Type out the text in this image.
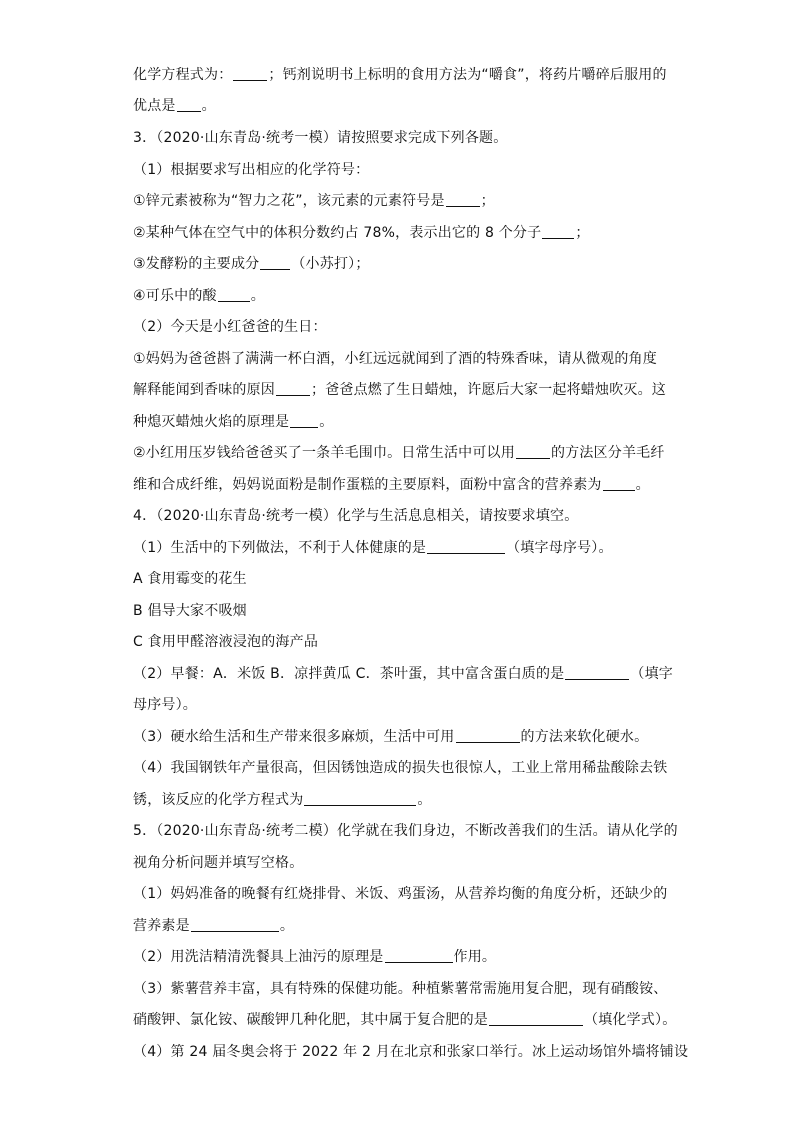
化学方程式为：	；钙剂说明书上标明的食用方法为“嚼食”，将药片嚼碎后服用的
优点是 。
3．（2020·山东青岛·统考一模）请按照要求完成下列各题。
（1）根据要求写出相应的化学符号：
①锌元素被称为“智力之花”，该元素的元素符号是	；
②某种气体在空气中的体积分数约占 78%，表示出它的 8 个分子 ；
③发酵粉的主要成分 （小苏打）；
④可乐中的酸 。
（2）今天是小红爸爸的生日：
①妈妈为爸爸斟了满满一杯白酒，小红远远就闻到了酒的特殊香味，请从微观的角度
解释能闻到香味的原因	；爸爸点燃了生日蜡烛，许愿后大家一起将蜡烛吹灭。这
种熄灭蜡烛火焰的原理是 。
②小红用压岁钱给爸爸买了一条羊毛围巾。日常生活中可以用	的方法区分羊毛纤
维和合成纤维，妈妈说面粉是制作蛋糕的主要原料，面粉中富含的营养素为 。
4．（2020·山东青岛·统考一模）化学与生活息息相关，请按要求填空。
（1）生活中的下列做法，不利于人体健康的是	（填字母序号）。
A 食用霉变的花生
B 倡导大家不吸烟
C 食用甲醛溶液浸泡的海产品
（2）早餐：A．米饭 B．凉拌黄瓜 C．茶叶蛋，其中富含蛋白质的是	（填字
母序号）。
（3）硬水给生活和生产带来很多麻烦，生活中可用	的方法来软化硬水。
（4）我国钢铁年产量很高，但因锈蚀造成的损失也很惊人，工业上常用稀盐酸除去铁
锈，该反应的化学方程式为	。
5．（2020·山东青岛·统考二模）化学就在我们身边，不断改善我们的生活。请从化学的
视角分析问题并填写空格。
（1）妈妈准备的晚餐有红烧排骨、米饭、鸡蛋汤，从营养均衡的角度分析，还缺少的
营养素是	。
（2）用洗洁精清洗餐具上油污的原理是	作用。
（3）紫薯营养丰富，具有特殊的保健功能。种植紫薯常需施用复合肥，现有硝酸铵、
硝酸钾、氯化铵、碳酸钾几种化肥，其中属于复合肥的是	（填化学式）。
（4）第 24 届冬奥会将于 2022 年 2 月在北京和张家口举行。冰上运动场馆外墙将铺设
